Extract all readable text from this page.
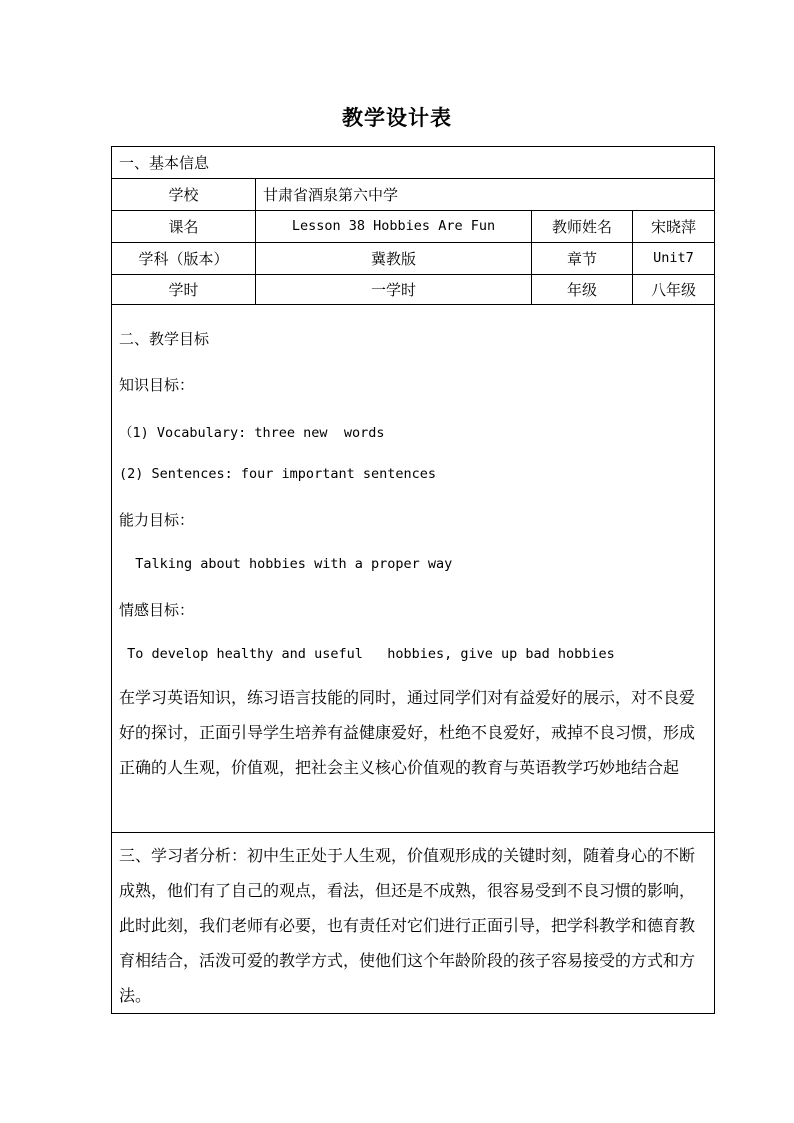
教学设计表
一、基本信息
学校	甘肃省酒泉第六中学
课名	Lesson 38 Hobbies Are Fun	教师姓名	宋晓萍
学科（版本）	冀教版	章节	Unit7
学时	一学时	年级	八年级
二、教学目标
知识目标：
（1) Vocabulary: three new  words
(2) Sentences: four important sentences
能力目标：
Talking about hobbies with a proper way
情感目标：
To develop healthy and useful   hobbies, give up bad hobbies
在学习英语知识，练习语言技能的同时，通过同学们对有益爱好的展示，对不良爱
好的探讨，正面引导学生培养有益健康爱好，杜绝不良爱好，戒掉不良习惯，形成
正确的人生观，价值观，把社会主义核心价值观的教育与英语教学巧妙地结合起
三、学习者分析：初中生正处于人生观，价值观形成的关键时刻，随着身心的不断
成熟，他们有了自己的观点，看法，但还是不成熟，很容易受到不良习惯的影响，
此时此刻，我们老师有必要，也有责任对它们进行正面引导，把学科教学和德育教
育相结合，活泼可爱的教学方式，使他们这个年龄阶段的孩子容易接受的方式和方
法。
